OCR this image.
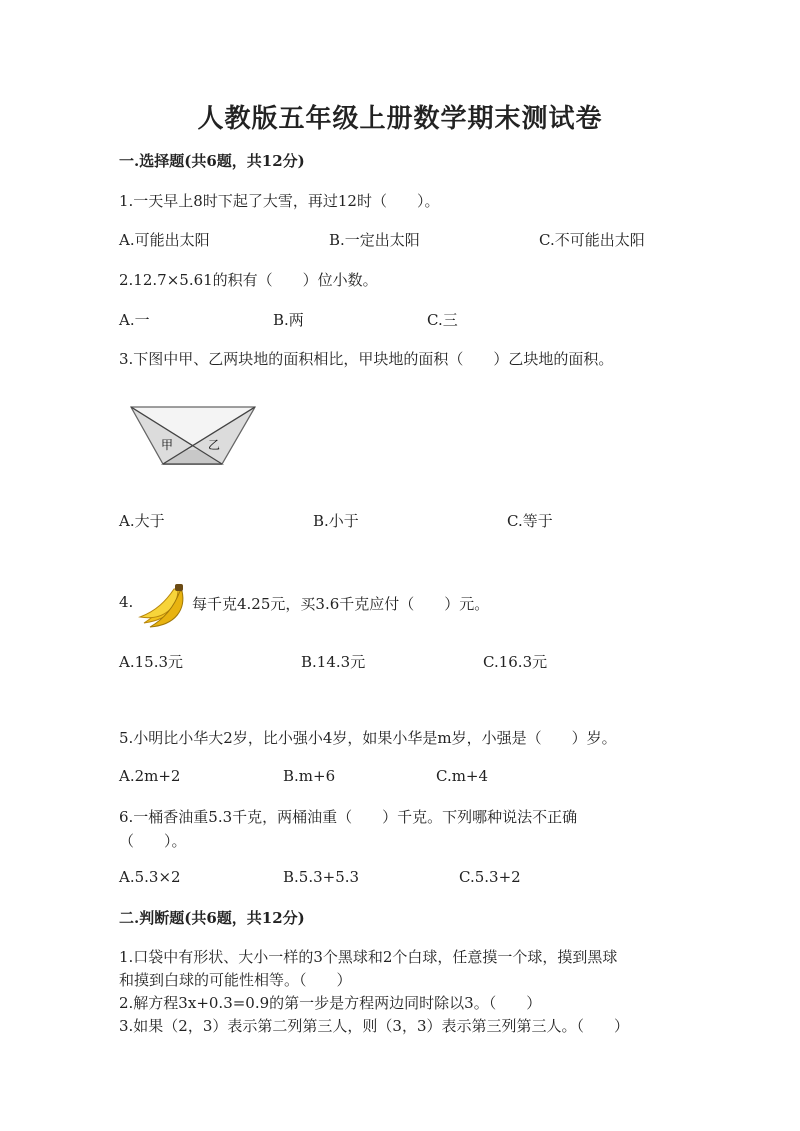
人教版五年级上册数学期末测试卷
一.选择题(共6题，共12分)
1.一天早上8时下起了大雪，再过12时（　　）。
A.可能出太阳	B.一定出太阳	C.不可能出太阳
2.12.7×5.61的积有（　　）位小数。
A.一	B.两	C.三
3.下图中甲、乙两块地的面积相比，甲块地的面积（　　）乙块地的面积。
甲	乙
A.大于	B.小于	C.等于
4.	每千克4.25元，买3.6千克应付（　　）元。
A.15.3元	B.14.3元	C.16.3元
5.小明比小华大2岁，比小强小4岁，如果小华是m岁，小强是（　　）岁。
A.2m+2	B.m+6	C.m+4
6.一桶香油重5.3千克，两桶油重（　　）千克。下列哪种说法不正确
（　　）。
A.5.3×2	B.5.3+5.3	C.5.3+2
二.判断题(共6题，共12分)
1.口袋中有形状、大小一样的3个黑球和2个白球，任意摸一个球，摸到黑球
和摸到白球的可能性相等。（　　）
2.解方程3x+0.3=0.9的第一步是方程两边同时除以3。（　　）
3.如果（2，3）表示第二列第三人，则（3，3）表示第三列第三人。（　　）
